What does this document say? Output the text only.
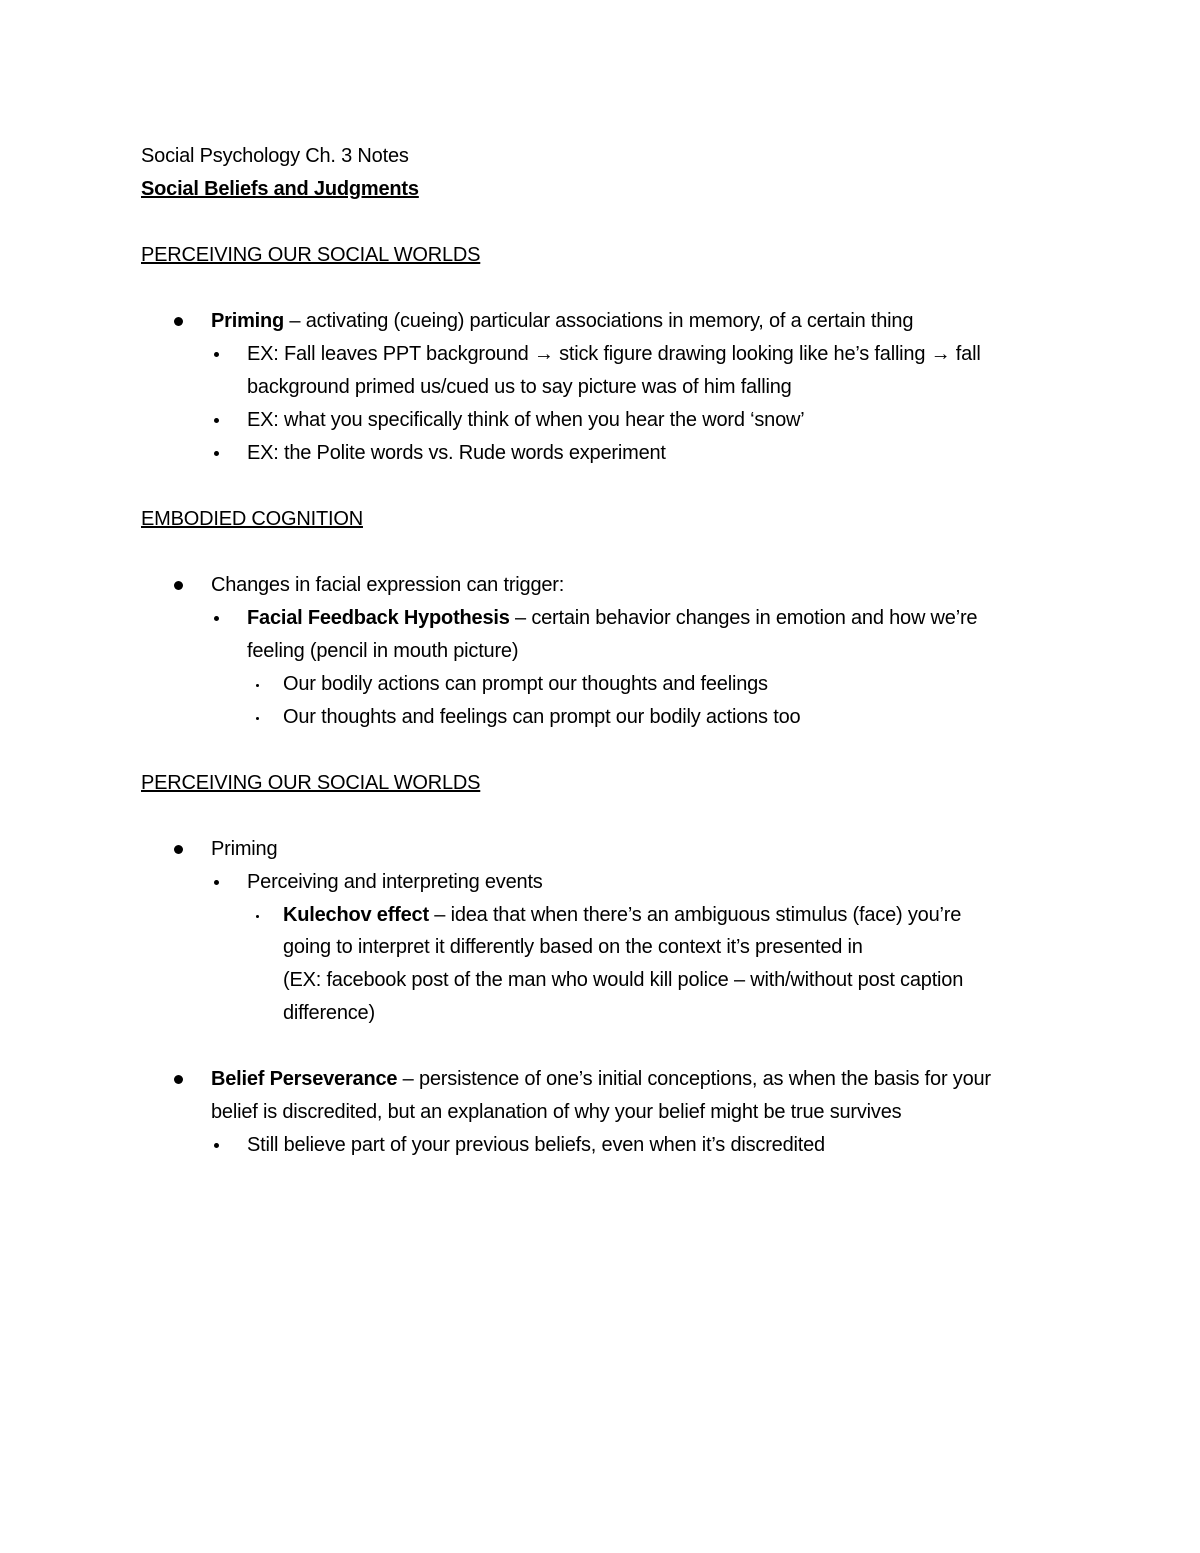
Social Psychology Ch. 3 Notes
Social Beliefs and Judgments
PERCEIVING OUR SOCIAL WORLDS
Priming – activating (cueing) particular associations in memory, of a certain thing
EX: Fall leaves PPT background → stick figure drawing looking like he’s falling → fall
background primed us/cued us to say picture was of him falling
EX: what you specifically think of when you hear the word ‘snow’
EX: the Polite words vs. Rude words experiment
EMBODIED COGNITION
Changes in facial expression can trigger:
Facial Feedback Hypothesis – certain behavior changes in emotion and how we’re
feeling (pencil in mouth picture)
Our bodily actions can prompt our thoughts and feelings
Our thoughts and feelings can prompt our bodily actions too
PERCEIVING OUR SOCIAL WORLDS
Priming
Perceiving and interpreting events
Kulechov effect – idea that when there’s an ambiguous stimulus (face) you’re
going to interpret it differently based on the context it’s presented in
(EX: facebook post of the man who would kill police – with/without post caption
difference)
Belief Perseverance – persistence of one’s initial conceptions, as when the basis for your
belief is discredited, but an explanation of why your belief might be true survives
Still believe part of your previous beliefs, even when it’s discredited
